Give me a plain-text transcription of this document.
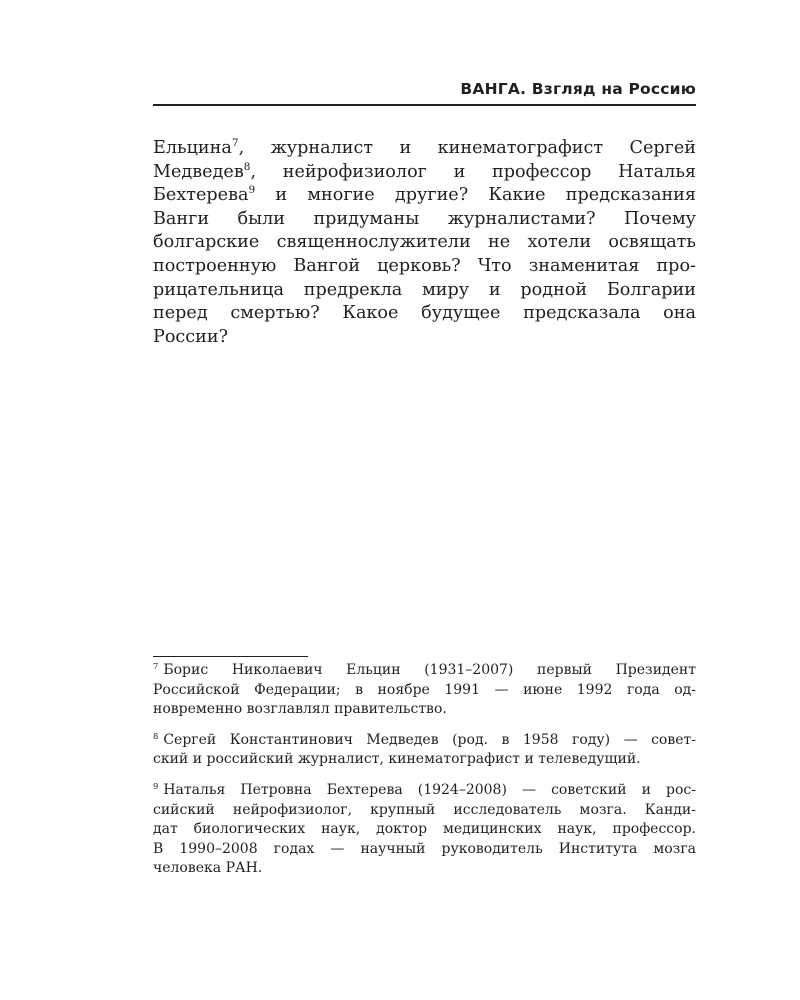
ВАНГА. Взгляд на Россию
Ельцина$^7$, журналист и кинематографист Сергей
Медведев$^8$, нейрофизиолог и профессор Наталья
Бехтерева$^9$ и многие другие? Какие предсказания
Ванги были придуманы журналистами? Почему
болгарские священнослужители не хотели освящать
построенную Вангой церковь? Что знаменитая про-
рицательница предрекла миру и родной Болгарии
перед смертью? Какое будущее предсказала она
России?
$^7$ Борис Николаевич Ельцин (1931–2007) первый Президент
Российской Федерации; в ноябре 1991 — июне 1992 года од-
новременно возглавлял правительство.
$^8$ Сергей Константинович Медведев (род. в 1958 году) — совет-
ский и российский журналист, кинематографист и телеведущий.
$^9$ Наталья Петровна Бехтерева (1924–2008) — советский и рос-
сийский нейрофизиолог, крупный исследователь мозга. Канди-
дат биологических наук, доктор медицинских наук, профессор.
В 1990–2008 годах — научный руководитель Института мозга
человека РАН.
